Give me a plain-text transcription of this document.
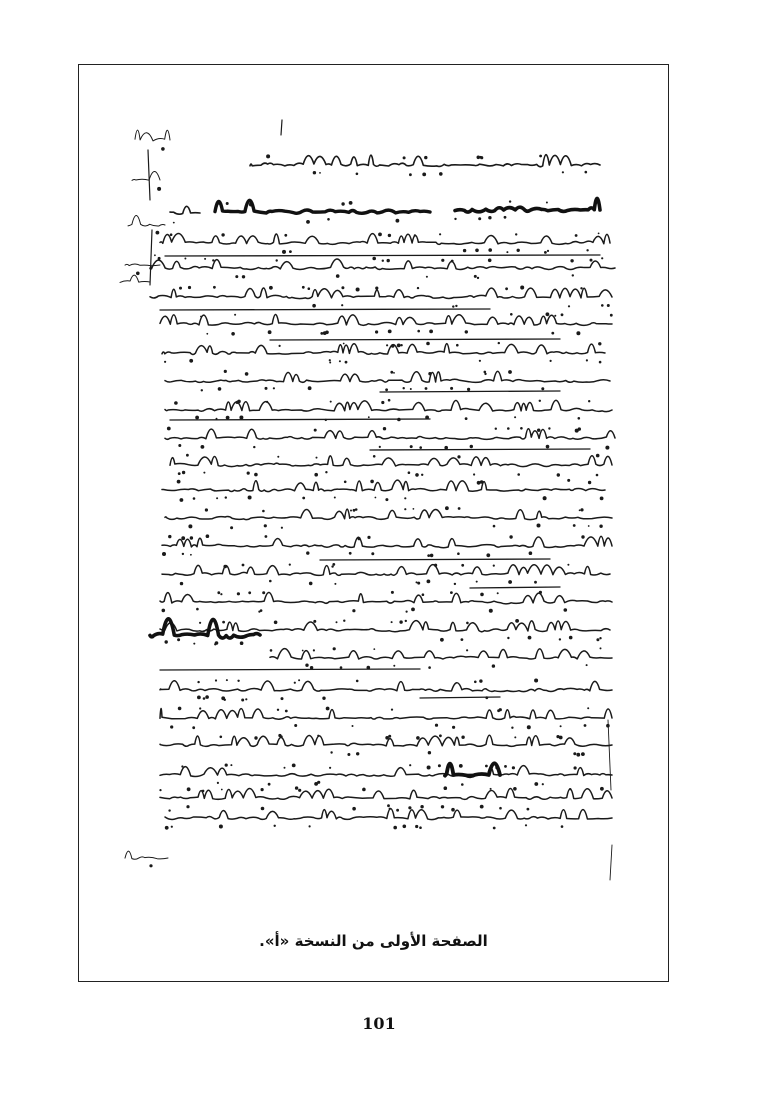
الصفحة الأولى من النسخة «أ».
101
